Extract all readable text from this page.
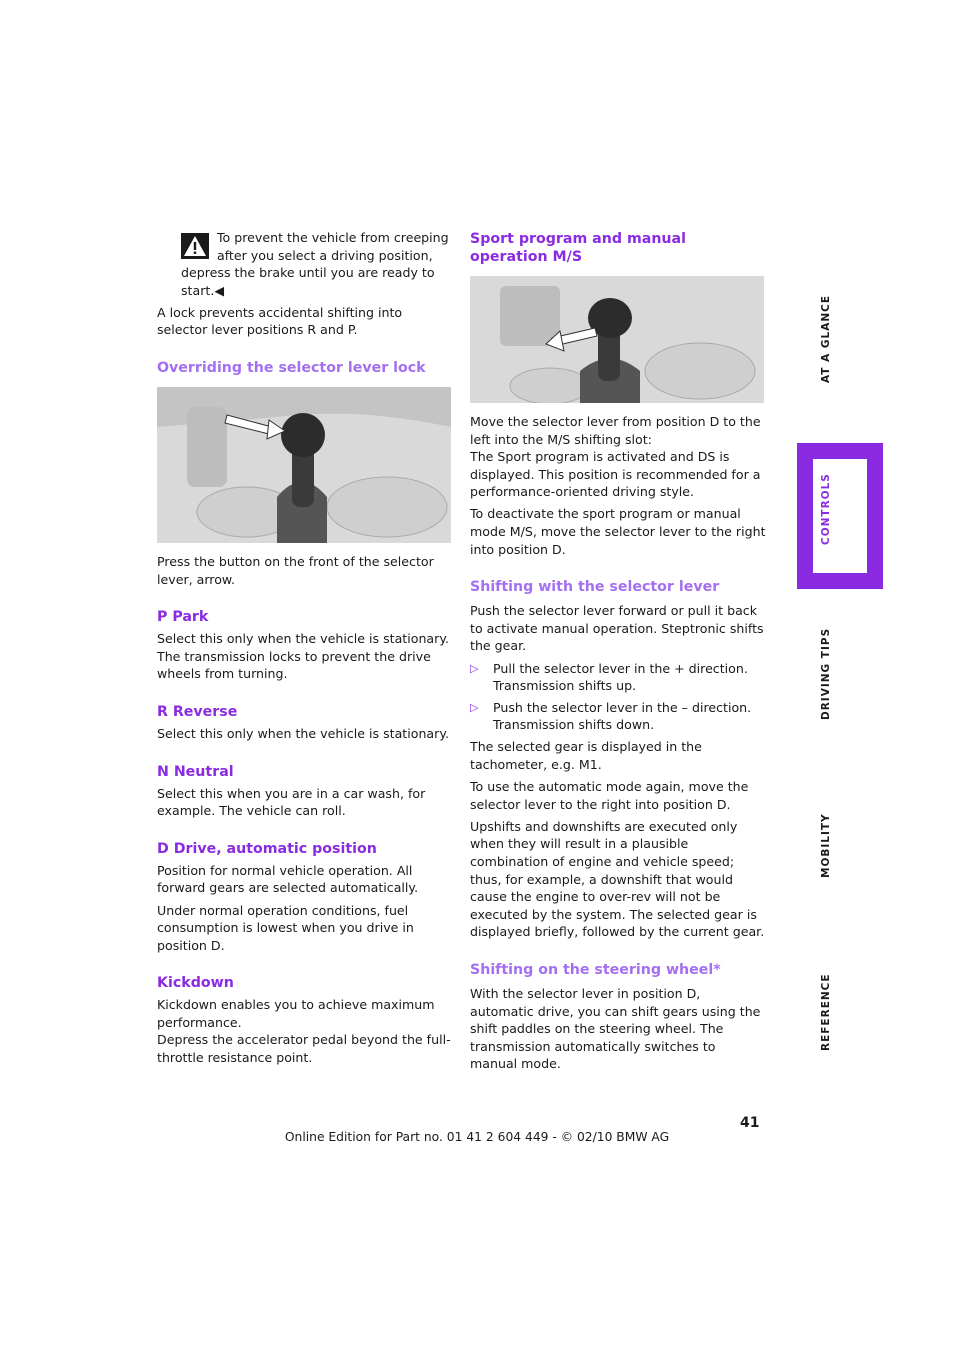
To prevent the vehicle from creeping after you select a driving position,
depress the brake until you are ready to start.◀

A lock prevents accidental shifting into selector lever positions R and P.

Overriding the selector lever lock

Press the button on the front of the selector lever, arrow.

P Park

Select this only when the vehicle is stationary. The transmission locks to prevent the drive wheels from turning.

R Reverse

Select this only when the vehicle is stationary.

N Neutral

Select this when you are in a car wash, for example. The vehicle can roll.

D Drive, automatic position

Position for normal vehicle operation. All forward gears are selected automatically.

Under normal operation conditions, fuel consumption is lowest when you drive in position D.

Kickdown

Kickdown enables you to achieve maximum performance.

Depress the accelerator pedal beyond the full-throttle resistance point.

Sport program and manual operation M/S

Move the selector lever from position D to the left into the M/S shifting slot:

The Sport program is activated and DS is displayed. This position is recommended for a performance-oriented driving style.

To deactivate the sport program or manual mode M/S, move the selector lever to the right into position D.

Shifting with the selector lever

Push the selector lever forward or pull it back to activate manual operation. Steptronic shifts the gear.

▷ Pull the selector lever in the + direction. Transmission shifts up.
▷ Push the selector lever in the – direction. Transmission shifts down.

The selected gear is displayed in the tachometer, e.g. M1.

To use the automatic mode again, move the selector lever to the right into position D.

Upshifts and downshifts are executed only when they will result in a plausible combination of engine and vehicle speed; thus, for example, a downshift that would cause the engine to over-rev will not be executed by the system. The selected gear is displayed briefly, followed by the current gear.

Shifting on the steering wheel*

With the selector lever in position D, automatic drive, you can shift gears using the shift paddles on the steering wheel. The transmission automatically switches to manual mode.

AT A GLANCE
CONTROLS
DRIVING TIPS
MOBILITY
REFERENCE
41
Online Edition for Part no. 01 41 2 604 449 - © 02/10 BMW AG
